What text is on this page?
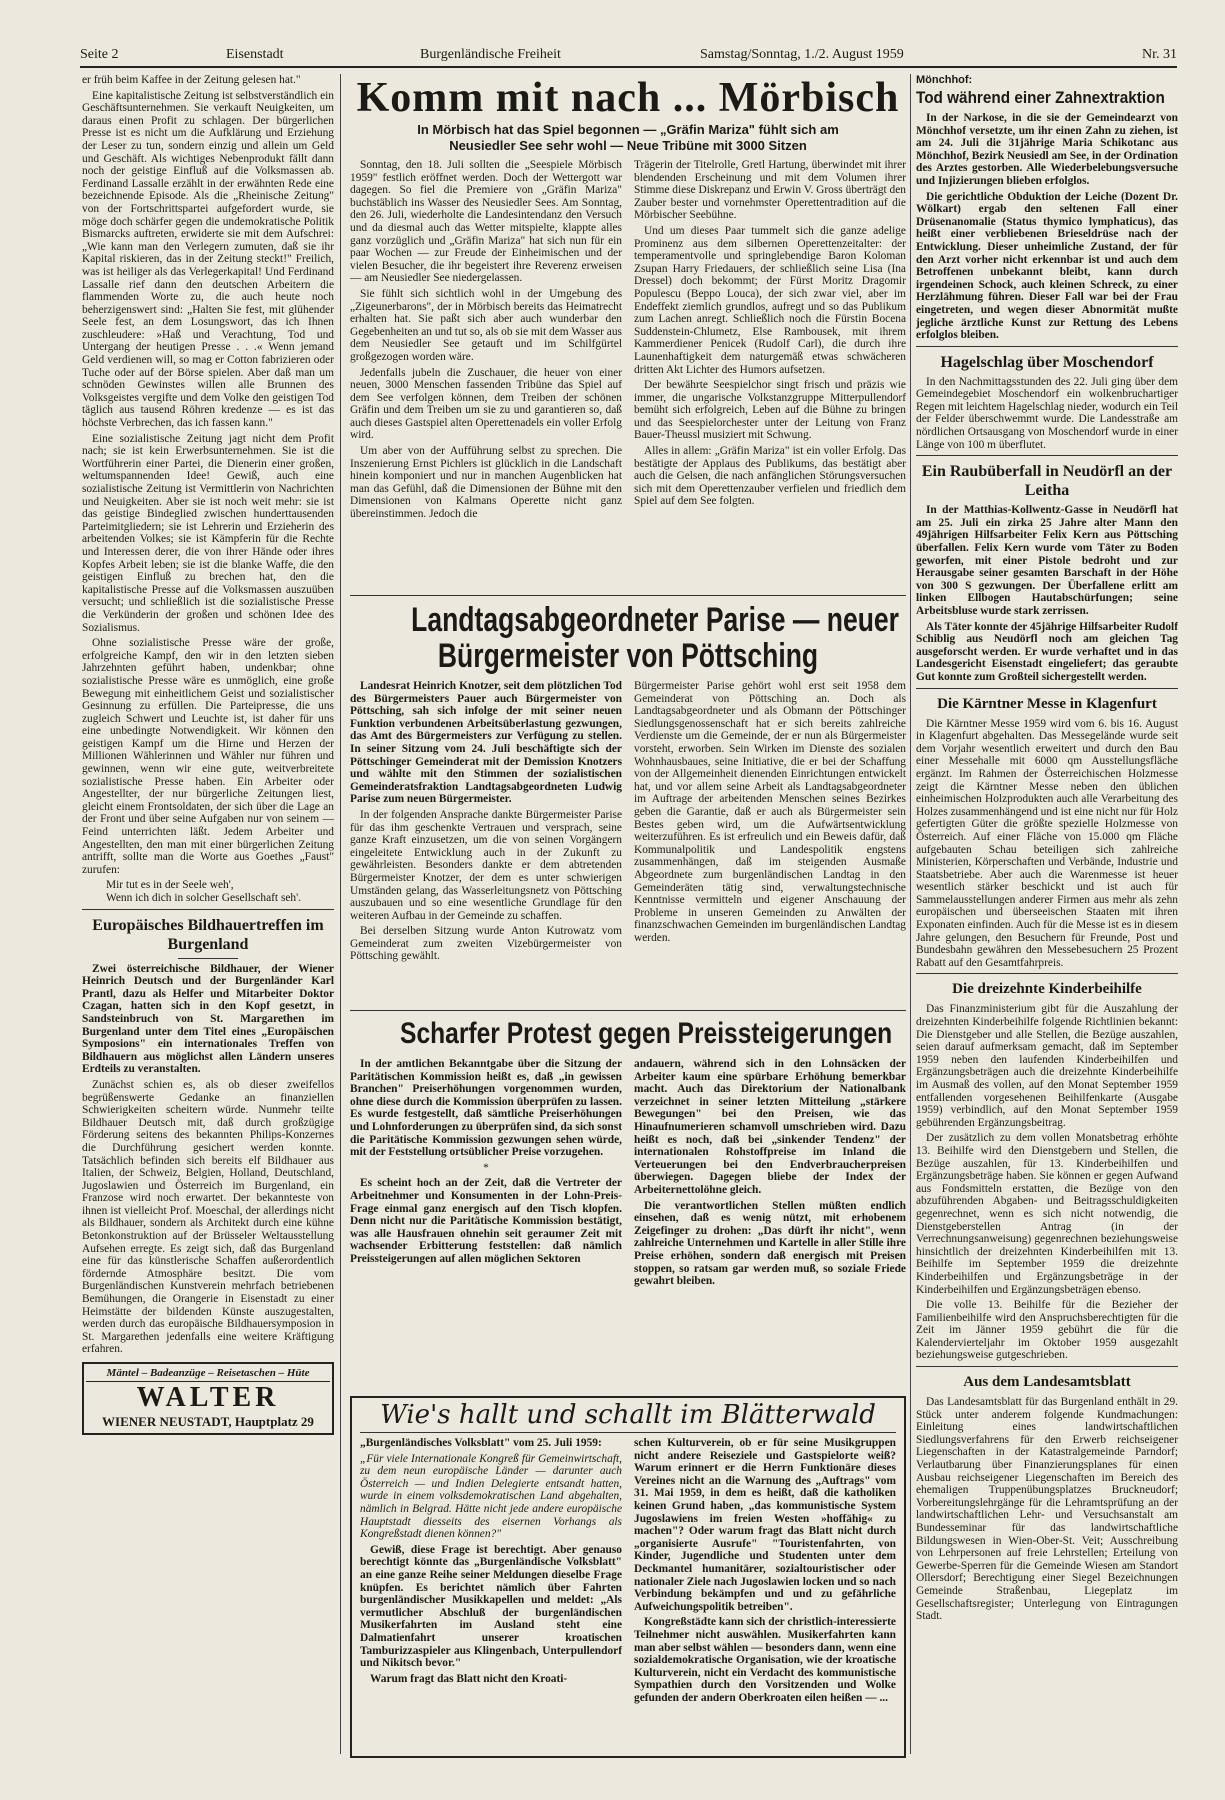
Seite 2	Eisenstadt	Burgenländische Freiheit	Samstag/Sonntag, 1./2. August 1959	Nr. 31

er früh beim Kaffee in der Zeitung gelesen hat."

Eine kapitalistische Zeitung ist selbstverständlich ein Geschäftsunternehmen. Sie verkauft Neuigkeiten, um daraus einen Profit zu schlagen. Der bürgerlichen Presse ist es nicht um die Aufklärung und Erziehung der Leser zu tun, sondern einzig und allein um Geld und Geschäft. Als wichtiges Nebenprodukt fällt dann noch der geistige Einfluß auf die Volksmassen ab. Ferdinand Lassalle erzählt in der erwähnten Rede eine bezeichnende Episode. Als die „Rheinische Zeitung" von der Fortschrittspartei aufgefordert wurde, sie möge doch schärfer gegen die undemokratische Politik Bismarcks auftreten, erwiderte sie mit dem Aufschrei: „Wie kann man den Verlegern zumuten, daß sie ihr Kapital riskieren, das in der Zeitung steckt!" Freilich, was ist heiliger als das Verlegerkapital! Und Ferdinand Lassalle rief dann den deutschen Arbeitern die flammenden Worte zu, die auch heute noch beherzigenswert sind: „Halten Sie fest, mit glühender Seele fest, an dem Losungswort, das ich Ihnen zuschleudere: »Haß und Verachtung, Tod und Untergang der heutigen Presse . . .« Wenn jemand Geld verdienen will, so mag er Cotton fabrizieren oder Tuche oder auf der Börse spielen. Aber daß man um schnöden Gewinstes willen alle Brunnen des Volksgeistes vergifte und dem Volke den geistigen Tod täglich aus tausend Röhren kredenze — es ist das höchste Verbrechen, das ich fassen kann."

Eine sozialistische Zeitung jagt nicht dem Profit nach; sie ist kein Erwerbsunternehmen. Sie ist die Wortführerin einer Partei, die Dienerin einer großen, weltumspannenden Idee! Gewiß, auch eine sozialistische Zeitung ist Vermittlerin von Nachrichten und Neuigkeiten. Aber sie ist noch weit mehr: sie ist das geistige Bindeglied zwischen hunderttausenden Parteimitgliedern; sie ist Lehrerin und Erzieherin des arbeitenden Volkes; sie ist Kämpferin für die Rechte und Interessen derer, die von ihrer Hände oder ihres Kopfes Arbeit leben; sie ist die blanke Waffe, die den geistigen Einfluß zu brechen hat, den die kapitalistische Presse auf die Volksmassen auszuüben versucht; und schließlich ist die sozialistische Presse die Verkünderin der großen und schönen Idee des Sozialismus.

Ohne sozialistische Presse wäre der große, erfolgreiche Kampf, den wir in den letzten sieben Jahrzehnten geführt haben, undenkbar; ohne sozialistische Presse wäre es unmöglich, eine große Bewegung mit einheitlichem Geist und sozialistischer Gesinnung zu erfüllen. Die Parteipresse, die uns zugleich Schwert und Leuchte ist, ist daher für uns eine unbedingte Notwendigkeit. Wir können den geistigen Kampf um die Hirne und Herzen der Millionen Wählerinnen und Wähler nur führen und gewinnen, wenn wir eine gute, weitverbreitete sozialistische Presse haben. Ein Arbeiter oder Angestellter, der nur bürgerliche Zeitungen liest, gleicht einem Frontsoldaten, der sich über die Lage an der Front und über seine Aufgaben nur von seinem — Feind unterrichten läßt. Jedem Arbeiter und Angestellten, den man mit einer bürgerlichen Zeitung antrifft, sollte man die Worte aus Goethes „Faust" zurufen:

Mir tut es in der Seele weh',

Wenn ich dich in solcher Gesellschaft seh'.

Europäisches Bildhauertreffen im Burgenland

Zwei österreichische Bildhauer, der Wiener Heinrich Deutsch und der Burgenländer Karl Prantl, dazu als Helfer und Mitarbeiter Doktor Czagan, hatten sich in den Kopf gesetzt, in Sandsteinbruch von St. Margarethen im Burgenland unter dem Titel eines „Europäischen Symposions" ein internationales Treffen von Bildhauern aus möglichst allen Ländern unseres Erdteils zu veranstalten.

Zunächst schien es, als ob dieser zweifellos begrüßenswerte Gedanke an finanziellen Schwierigkeiten scheitern würde. Nunmehr teilte Bildhauer Deutsch mit, daß durch großzügige Förderung seitens des bekannten Philips-Konzernes die Durchführung gesichert werden konnte. Tatsächlich befinden sich bereits elf Bildhauer aus Italien, der Schweiz, Belgien, Holland, Deutschland, Jugoslawien und Österreich im Burgenland, ein Franzose wird noch erwartet. Der bekannteste von ihnen ist vielleicht Prof. Moeschal, der allerdings nicht als Bildhauer, sondern als Architekt durch eine kühne Betonkonstruktion auf der Brüsseler Weltausstellung Aufsehen erregte. Es zeigt sich, daß das Burgenland eine für das künstlerische Schaffen außerordentlich fördernde Atmosphäre besitzt. Die vom Burgenländischen Kunstverein mehrfach betriebenen Bemühungen, die Orangerie in Eisenstadt zu einer Heimstätte der bildenden Künste auszugestalten, werden durch das europäische Bildhauersymposion in St. Margarethen jedenfalls eine weitere Kräftigung erfahren.

Mäntel – Badeanzüge – Reisetaschen – Hüte
WALTER
WIENER NEUSTADT, Hauptplatz 29
Komm mit nach ... Mörbisch
In Mörbisch hat das Spiel begonnen — „Gräfin Mariza" fühlt sich am
Neusiedler See sehr wohl — Neue Tribüne mit 3000 Sitzen

Sonntag, den 18. Juli sollten die „Seespiele Mörbisch 1959" festlich eröffnet werden. Doch der Wettergott war dagegen. So fiel die Premiere von „Gräfin Mariza" buchstäblich ins Wasser des Neusiedler Sees. Am Sonntag, den 26. Juli, wiederholte die Landesintendanz den Versuch und da diesmal auch das Wetter mitspielte, klappte alles ganz vorzüglich und „Gräfin Mariza" hat sich nun für ein paar Wochen — zur Freude der Einheimischen und der vielen Besucher, die ihr begeistert ihre Reverenz erweisen — am Neusiedler See niedergelassen.

Sie fühlt sich sichtlich wohl in der Umgebung des „Zigeunerbarons", der in Mörbisch bereits das Heimatrecht erhalten hat. Sie paßt sich aber auch wunderbar den Gegebenheiten an und tut so, als ob sie mit dem Wasser aus dem Neusiedler See getauft und im Schilfgürtel großgezogen worden wäre.

Jedenfalls jubeln die Zuschauer, die heuer von einer neuen, 3000 Menschen fassenden Tribüne das Spiel auf dem See verfolgen können, dem Treiben der schönen Gräfin und dem Treiben um sie zu und garantieren so, daß auch dieses Gastspiel alten Operettenadels ein voller Erfolg wird.

Um aber von der Aufführung selbst zu sprechen. Die Inszenierung Ernst Pichlers ist glücklich in die Landschaft hinein komponiert und nur in manchen Augenblicken hat man das Gefühl, daß die Dimensionen der Bühne mit den Dimensionen von Kalmans Operette nicht ganz übereinstimmen. Jedoch die

Trägerin der Titelrolle, Gretl Hartung, überwindet mit ihrer blendenden Erscheinung und mit dem Volumen ihrer Stimme diese Diskrepanz und Erwin V. Gross überträgt den Zauber bester und vornehmster Operettentradition auf die Mörbischer Seebühne.

Und um dieses Paar tummelt sich die ganze adelige Prominenz aus dem silbernen Operettenzeitalter: der temperamentvolle und springlebendige Baron Koloman Zsupan Harry Friedauers, der schließlich seine Lisa (Ina Dressel) doch bekommt; der Fürst Moritz Dragomir Populescu (Beppo Louca), der sich zwar viel, aber im Endeffekt ziemlich grundlos, aufregt und so das Publikum zum Lachen anregt. Schließlich noch die Fürstin Bocena Suddenstein-Chlumetz, Else Rambousek, mit ihrem Kammerdiener Penicek (Rudolf Carl), die durch ihre Launenhaftigkeit dem naturgemäß etwas schwächeren dritten Akt Lichter des Humors aufsetzen.

Der bewährte Seespielchor singt frisch und präzis wie immer, die ungarische Volkstanzgruppe Mitterpullendorf bemüht sich erfolgreich, Leben auf die Bühne zu bringen und das Seespielorchester unter der Leitung von Franz Bauer-Theussl musiziert mit Schwung.

Alles in allem: „Gräfin Mariza" ist ein voller Erfolg. Das bestätigte der Applaus des Publikums, das bestätigt aber auch die Gelsen, die nach anfänglichen Störungsversuchen sich mit dem Operettenzauber verfielen und friedlich dem Spiel auf dem See folgten.

Landtagsabgeordneter Parise — neuer
Bürgermeister von Pöttsching

Landesrat Heinrich Knotzer, seit dem plötzlichen Tod des Bürgermeisters Pauer auch Bürgermeister von Pöttsching, sah sich infolge der mit seiner neuen Funktion verbundenen Arbeitsüberlastung gezwungen, das Amt des Bürgermeisters zur Verfügung zu stellen. In seiner Sitzung vom 24. Juli beschäftigte sich der Pöttschinger Gemeinderat mit der Demission Knotzers und wählte mit den Stimmen der sozialistischen Gemeinderatsfraktion Landtagsabgeordneten Ludwig Parise zum neuen Bürgermeister.

In der folgenden Ansprache dankte Bürgermeister Parise für das ihm geschenkte Vertrauen und versprach, seine ganze Kraft einzusetzen, um die von seinen Vorgängern eingeleitete Entwicklung auch in der Zukunft zu gewährleisten. Besonders dankte er dem abtretenden Bürgermeister Knotzer, der dem es unter schwierigen Umständen gelang, das Wasserleitungsnetz von Pöttsching auszubauen und so eine wesentliche Grundlage für den weiteren Aufbau in der Gemeinde zu schaffen.

Bei derselben Sitzung wurde Anton Kutrowatz vom Gemeinderat zum zweiten Vizebürgermeister von Pöttsching gewählt.

Bürgermeister Parise gehört wohl erst seit 1958 dem Gemeinderat von Pöttsching an. Doch als Landtagsabgeordneter und als Obmann der Pöttschinger Siedlungsgenossenschaft hat er sich bereits zahlreiche Verdienste um die Gemeinde, der er nun als Bürgermeister vorsteht, erworben. Sein Wirken im Dienste des sozialen Wohnhausbaues, seine Initiative, die er bei der Schaffung von der Allgemeinheit dienenden Einrichtungen entwickelt hat, und vor allem seine Arbeit als Landtagsabgeordneter im Auftrage der arbeitenden Menschen seines Bezirkes geben die Garantie, daß er auch als Bürgermeister sein Bestes geben wird, um die Aufwärtsentwicklung weiterzuführen. Es ist erfreulich und ein Beweis dafür, daß Kommunalpolitik und Landespolitik engstens zusammenhängen, daß im steigenden Ausmaße Abgeordnete zum burgenländischen Landtag in den Gemeinderäten tätig sind, verwaltungstechnische Kenntnisse vermitteln und eigener Anschauung der Probleme in unseren Gemeinden zu Anwälten der finanzschwachen Gemeinden im burgenländischen Landtag werden.

Scharfer Protest gegen Preissteigerungen

In der amtlichen Bekanntgabe über die Sitzung der Paritätischen Kommission heißt es, daß „in gewissen Branchen" Preiserhöhungen vorgenommen wurden, ohne diese durch die Kommission überprüfen zu lassen. Es wurde festgestellt, daß sämtliche Preiserhöhungen und Lohnforderungen zu überprüfen sind, da sich sonst die Paritätische Kommission gezwungen sehen würde, mit der Feststellung ortsüblicher Preise vorzugehen.

*

Es scheint hoch an der Zeit, daß die Vertreter der Arbeitnehmer und Konsumenten in der Lohn-Preis-Frage einmal ganz energisch auf den Tisch klopfen. Denn nicht nur die Paritätische Kommission bestätigt, was alle Hausfrauen ohnehin seit geraumer Zeit mit wachsender Erbitterung feststellen: daß nämlich Preissteigerungen auf allen möglichen Sektoren

andauern, während sich in den Lohnsäcken der Arbeiter kaum eine spürbare Erhöhung bemerkbar macht. Auch das Direktorium der Nationalbank verzeichnet in seiner letzten Mitteilung „stärkere Bewegungen" bei den Preisen, wie das Hinaufnumerieren schamvoll umschrieben wird. Dazu heißt es noch, daß bei „sinkender Tendenz" der internationalen Rohstoffpreise im Inland die Verteuerungen bei den Endverbraucherpreisen überwiegen. Dagegen bliebe der Index der Arbeiternettolöhne gleich.

Die verantwortlichen Stellen müßten endlich einsehen, daß es wenig nützt, mit erhobenem Zeigefinger zu drohen: „Das dürft ihr nicht", wenn zahlreiche Unternehmen und Kartelle in aller Stille ihre Preise erhöhen, sondern daß energisch mit Preisen stoppen, so ratsam gar werden muß, so soziale Friede gewahrt bleiben.

Wie's hallt und schallt im Blätterwald

„Burgenländisches Volksblatt" vom 25. Juli 1959:

„Für viele Internationale Kongreß für Gemeinwirtschaft, zu dem neun europäische Länder — darunter auch Österreich — und Indien Delegierte entsandt hatten, wurde in einem volksdemokratischen Land abgehalten, nämlich in Belgrad. Hätte nicht jede andere europäische Hauptstadt diesseits des eisernen Vorhangs als Kongreßstadt dienen können?"

Gewiß, diese Frage ist berechtigt. Aber genauso berechtigt könnte das „Burgenländische Volksblatt" an eine ganze Reihe seiner Meldungen dieselbe Frage knüpfen. Es berichtet nämlich über Fahrten burgenländischer Musikkapellen und meldet: „Als vermutlicher Abschluß der burgenländischen Musikerfahrten im Ausland steht eine Dalmatienfahrt unserer kroatischen Tamburizzaspieler aus Klingenbach, Unterpullendorf und Nikitsch bevor."

Warum fragt das Blatt nicht den Kroati-

schen Kulturverein, ob er für seine Musikgruppen nicht andere Reiseziele und Gastspielorte weiß? Warum erinnert er die Herrn Funktionäre dieses Vereines nicht an die Warnung des „Auftrags" vom 31. Mai 1959, in dem es heißt, daß die katholiken keinen Grund haben, „das kommunistische System Jugoslawiens im freien Westen »hoffähig« zu machen"? Oder warum fragt das Blatt nicht durch „organisierte Ausrufe" "Touristenfahrten, von Kinder, Jugendliche und Studenten unter dem Deckmantel humanitärer, sozialtouristischer oder nationaler Ziele nach Jugoslawien locken und so nach Verbindung bekämpfen und und zu gefährliche Aufweichungspolitik betreiben".

Kongreßstädte kann sich der christlich-interessierte Teilnehmer nicht auswählen. Musikerfahrten kann man aber selbst wählen — besonders dann, wenn eine sozialdemokratische Organisation, wie der kroatische Kulturverein, nicht ein Verdacht des kommunistische Sympathien durch den Vorsitzenden und Wolke gefunden der andern Oberkroaten eilen heißen — ...

Mönchhof:
Tod während einer Zahnextraktion

In der Narkose, in die sie der Gemeindearzt von Mönchhof versetzte, um ihr einen Zahn zu ziehen, ist am 24. Juli die 31jährige Maria Schikotanc aus Mönchhof, Bezirk Neusiedl am See, in der Ordination des Arztes gestorben. Alle Wiederbelebungsversuche und Injizierungen blieben erfolglos.

Die gerichtliche Obduktion der Leiche (Dozent Dr. Wölkart) ergab den seltenen Fall einer Drüsenanomalie (Status thymico lymphaticus), das heißt einer verbliebenen Brieseldrüse nach der Entwicklung. Dieser unheimliche Zustand, der für den Arzt vorher nicht erkennbar ist und auch dem Betroffenen unbekannt bleibt, kann durch irgendeinen Schock, auch kleinen Schreck, zu einer Herzlähmung führen. Dieser Fall war bei der Frau eingetreten, und wegen dieser Abnormität mußte jegliche ärztliche Kunst zur Rettung des Lebens erfolglos bleiben.

Hagelschlag über Moschendorf

In den Nachmittagsstunden des 22. Juli ging über dem Gemeindegebiet Moschendorf ein wolkenbruchartiger Regen mit leichtem Hagelschlag nieder, wodurch ein Teil der Felder überschwemmt wurde. Die Landesstraße am nördlichen Ortsausgang von Moschendorf wurde in einer Länge von 100 m überflutet.

Ein Raubüberfall in Neudörfl an der Leitha

In der Matthias-Kollwentz-Gasse in Neudörfl hat am 25. Juli ein zirka 25 Jahre alter Mann den 49jährigen Hilfsarbeiter Felix Kern aus Pöttsching überfallen. Felix Kern wurde vom Täter zu Boden geworfen, mit einer Pistole bedroht und zur Herausgabe seiner gesamten Barschaft in der Höhe von 300 S gezwungen. Der Überfallene erlitt am linken Ellbogen Hautabschürfungen; seine Arbeitsbluse wurde stark zerrissen.

Als Täter konnte der 45jährige Hilfsarbeiter Rudolf Schiblig aus Neudörfl noch am gleichen Tag ausgeforscht werden. Er wurde verhaftet und in das Landesgericht Eisenstadt eingeliefert; das geraubte Gut konnte zum Großteil sichergestellt werden.

Die Kärntner Messe in Klagenfurt

Die Kärntner Messe 1959 wird vom 6. bis 16. August in Klagenfurt abgehalten. Das Messegelände wurde seit dem Vorjahr wesentlich erweitert und durch den Bau einer Messehalle mit 6000 qm Ausstellungsfläche ergänzt. Im Rahmen der Österreichischen Holzmesse zeigt die Kärntner Messe neben den üblichen einheimischen Holzprodukten auch alle Verarbeitung des Holzes zusammenhängend und ist eine nicht nur für Holz gefertigten Güter die größte spezielle Holzmesse von Österreich. Auf einer Fläche von 15.000 qm Fläche aufgebauten Schau beteiligen sich zahlreiche Ministerien, Körperschaften und Verbände, Industrie und Staatsbetriebe. Aber auch die Warenmesse ist heuer wesentlich stärker beschickt und ist auch für Sammelausstellungen anderer Firmen aus mehr als zehn europäischen und überseeischen Staaten mit ihren Exponaten einfinden. Auch für die Messe ist es in diesem Jahre gelungen, den Besuchern für Freunde, Post und Bundesbahn gewähren den Messebesuchern 25 Prozent Rabatt auf den Gesamtfahrpreis.

Die dreizehnte Kinderbeihilfe

Das Finanzministerium gibt für die Auszahlung der dreizehnten Kinderbeihilfe folgende Richtlinien bekannt: Die Dienstgeber und alle Stellen, die Bezüge auszahlen, seien darauf aufmerksam gemacht, daß im September 1959 neben den laufenden Kinderbeihilfen und Ergänzungsbeträgen auch die dreizehnte Kinderbeihilfe im Ausmaß des vollen, auf den Monat September 1959 entfallenden vorgesehenen Beihilfenkarte (Ausgabe 1959) verbindlich, auf den Monat September 1959 gebührenden Ergänzungsbeitrag.

Der zusätzlich zu dem vollen Monatsbetrag erhöhte 13. Beihilfe wird den Dienstgebern und Stellen, die Bezüge auszahlen, für 13. Kinderbeihilfen und Ergänzungsbeträge haben. Sie können er gegen Aufwand aus Fondsmitteln erstatten, die Bezüge von den abzuführenden Abgaben- und Beitragsschuldigkeiten gegenrechnet, wenn es sich nicht notwendig, die Dienstgeberstellen Antrag (in der Verrechnungsanweisung) gegenrechnen beziehungsweise hinsichtlich der dreizehnten Kinderbeihilfen mit 13. Beihilfe im September 1959 die dreizehnte Kinderbeihilfen und Ergänzungsbeträge in der Kinderbeihilfen und Ergänzungsbeträgen ebenso.

Die volle 13. Beihilfe für die Bezieher der Familienbeihilfe wird den Anspruchsberechtigten für die Zeit im Jänner 1959 gebührt die für die Kalendervierteljahr im Oktober 1959 ausgezahlt beziehungsweise gutgeschrieben.

Aus dem Landesamtsblatt

Das Landesamtsblatt für das Burgenland enthält in 29. Stück unter anderem folgende Kundmachungen: Einleitung eines landwirtschaftlichen Siedlungsverfahrens für den Erwerb reichseigener Liegenschaften in der Katastralgemeinde Parndorf; Verlautbarung über Finanzierungsplanes für einen Ausbau reichseigener Liegenschaften im Bereich des ehemaligen Truppenübungsplatzes Bruckneudorf; Vorbereitungslehrgänge für die Lehramtsprüfung an der landwirtschaftlichen Lehr- und Versuchsanstalt am Bundesseminar für das landwirtschaftliche Bildungswesen in Wien-Ober-St. Veit; Ausschreibung von Lehrpersonen auf freie Lehrstellen; Erteilung von Gewerbe-Sperren für die Gemeinde Wiesen am Standort Ollersdorf; Berechtigung einer Siegel Bezeichnungen Gemeinde Straßenbau, Liegeplatz im Gesellschaftsregister; Unterlegung von Eintragungen Stadt.
